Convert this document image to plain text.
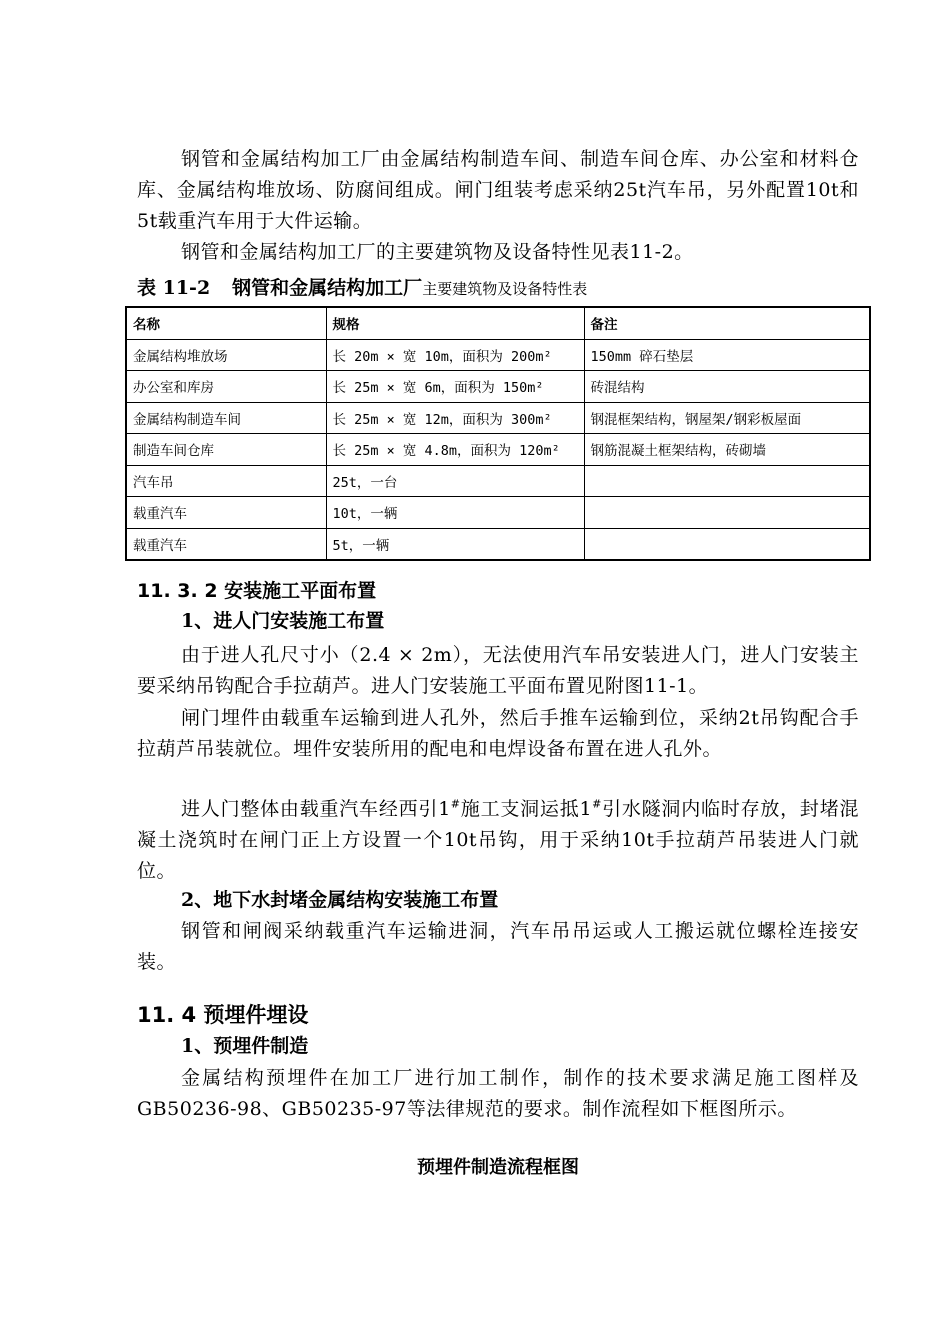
钢管和金属结构加工厂由金属结构制造车间、制造车间仓库、办公室和材料仓库、金属结构堆放场、防腐间组成。闸门组装考虑采纳25t汽车吊，另外配置10t和5t载重汽车用于大件运输。

钢管和金属结构加工厂的主要建筑物及设备特性见表11-2。

表 11-2 钢管和金属结构加工厂主要建筑物及设备特性表

名称	规格	备注
金属结构堆放场	长 20m × 宽 10m，面积为 200m²	150mm 碎石垫层
办公室和库房	长 25m × 宽 6m，面积为 150m²	砖混结构
金属结构制造车间	长 25m × 宽 12m，面积为 300m²	钢混框架结构，钢屋架/钢彩板屋面
制造车间仓库	长 25m × 宽 4.8m，面积为 120m²	钢筋混凝土框架结构，砖砌墙
汽车吊	25t，一台	
载重汽车	10t，一辆	
载重汽车	5t，一辆	
11. 3. 2 安装施工平面布置
1、进人门安装施工布置

由于进人孔尺寸小（2.4 × 2m），无法使用汽车吊安装进人门，进人门安装主要采纳吊钩配合手拉葫芦。进人门安装施工平面布置见附图11-1。

闸门埋件由载重车运输到进人孔外，然后手推车运输到位，采纳2t吊钩配合手拉葫芦吊装就位。埋件安装所用的配电和电焊设备布置在进人孔外。

进人门整体由载重汽车经西引1#施工支洞运抵1#引水隧洞内临时存放，封堵混凝土浇筑时在闸门正上方设置一个10t吊钩，用于采纳10t手拉葫芦吊装进人门就位。

2、地下水封堵金属结构安装施工布置

钢管和闸阀采纳载重汽车运输进洞，汽车吊吊运或人工搬运就位螺栓连接安装。

11. 4 预埋件埋设
1、预埋件制造

金属结构预埋件在加工厂进行加工制作，制作的技术要求满足施工图样及GB50236-98、GB50235-97等法律规范的要求。制作流程如下框图所示。

预埋件制造流程框图
